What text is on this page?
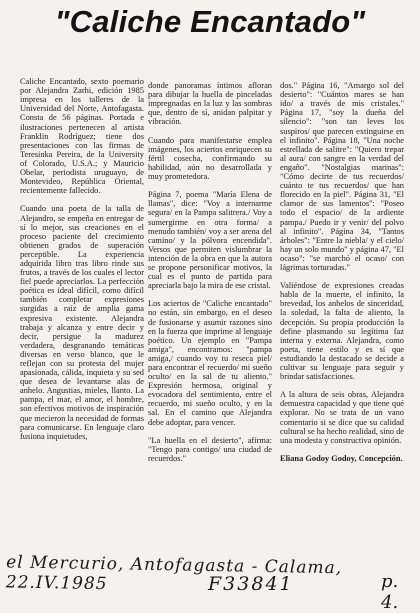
"Caliche Encantado"

Caliche Encantado, sexto poemario por Alejandra Zarhi, edición 1985 impresa en los talleres de la Universidad del Norte, Antofagasta. Consta de 56 páginas. Portada e ilustraciones pertenecen al artista Franklin Rodríguez; tiene dos presentaciones con las firmas de Teresinka Pereira, de la University of Colorado, U.S.A.; y Mauricio Obelar, periodista uruguayo, de Montevideo, República Oriental, recientemente fallecido.

Cuando una poeta de la talla de Alejandro, se empeña en entregar de sí lo mejor, sus creaciones en el proceso paciente del crecimiento obtienen grados de superación perceptible. La experiencia adquirida libro tras libro rinde sus frutos, a través de los cuales el lector fiel puede apreciarlos. La perfección poética es ideal difícil, como difícil también completar expresiones surgidas a raíz de amplia gama expresiva existente. Alejandra trabaja y alcanza y entre decir y decir, persigue la madurez verdadera, desgranando temáticas diversas en verso blanco, que le reflejan con su protesta del mujer apasionada, cálida, inquieta y su sed que desea de levantarse alas de anhelo. Angustias, mieles, llanto. La pampa, el mar, el amor, el hombre, son efectivos motivos de inspiración que mecieron la necesidad de formas para comunicarse. En lenguaje claro fusiona inquietudes,

donde panoramas íntimos afloran para dibujar la huella de pinceladas impregnadas en la luz y las sombras que, dentro de sí, anidan palpitar y vibración.

Cuando para manifestarse emplea imágenes, los aciertos enriquecen su fértil cosecha, confirmando su habilidad, aún no desarrollada y muy prometedora.

Página 7, poema "María Elena de llamas", dice: "Voy a internarme segura/ en la Pampa salitrera./ Voy a sumergirme en otra forma/ a menudo también/ voy a ser arena del camino/ y la pólvora encendida". Versos que permiten vislumbrar la intención de la obra en que la autora se propone personificar motivos, la cual es el punto de partida para apreciarla bajo la mira de ese cristal.

Los aciertos de "Caliche encantado" no están, sin embargo, en el deseo de fusionarse y asumir razones sino en la fuerza que imprime al lenguaje poético. Un ejemplo en "Pampa amiga", encontramos: "pampa amiga,/ cuando voy tu reseca piel/ para encontrar el recuerdo/ mi sueño oculto/ en la sal de tu aliento." Expresión hermosa, original y evocadora del sentimiento, entre el recuerdo, mi sueño oculto, y en la sal. En el camino que Alejandra debe adoptar, para vencer.

"La huella en el desierto", afirma: "Tengo para contigo/ una ciudad de recuerdos."

dos." Página 16, "Amargo sol del desierto": "Cuántos mares se han ido/ a través de mis cristales." Página 17, "soy la dueña del silencio": "son tan leves los suspiros/ que parecen extinguirse en el infinito". Página 18, "Una noche estrellada de salitre": "Quiero trepar al aura/ con sangre en la verdad del engaño". "Nostalgias marinas": "Cómo decirte de tus recuerdos/ cuánto te tus recuerdos/ que han florecido en la piel". Página 31, "El clamor de sus lamentos": "Poseo todo el espacio/ de la ardiente pampa./ Puedo ir y venir/ del polvo al infinito". Página 34, "Tantos árboles": "Entre la niebla/ y el cielo/ hay un solo mundo" y página 47, "El ocaso": "se marchó el ocaso/ con lágrimas torturadas."

Valiéndose de expresiones creadas habla de la muerte, el infinito, la brevedad, los anhelos de sinceridad, la soledad, la falta de aliento, la decepción. Su propia producción la define plasmando su legítima faz interna y externa. Alejandra, como poeta, tiene estilo y es sí que estudiando la destacado se decide a cultivar su lenguaje para seguir y brindar satisfacciones.

A la altura de seis obras, Alejandra demuestra capacidad y que tiene qué explorar. No se trata de un vano comentario si se dice que su calidad cultural se ha hecho realidad, sino de una modesta y constructiva opinión.

Eliana Godoy Godoy, Concepción.

el Mercurio, Antofagasta - Calama, 22.IV.1985	F33841	p. 4.
